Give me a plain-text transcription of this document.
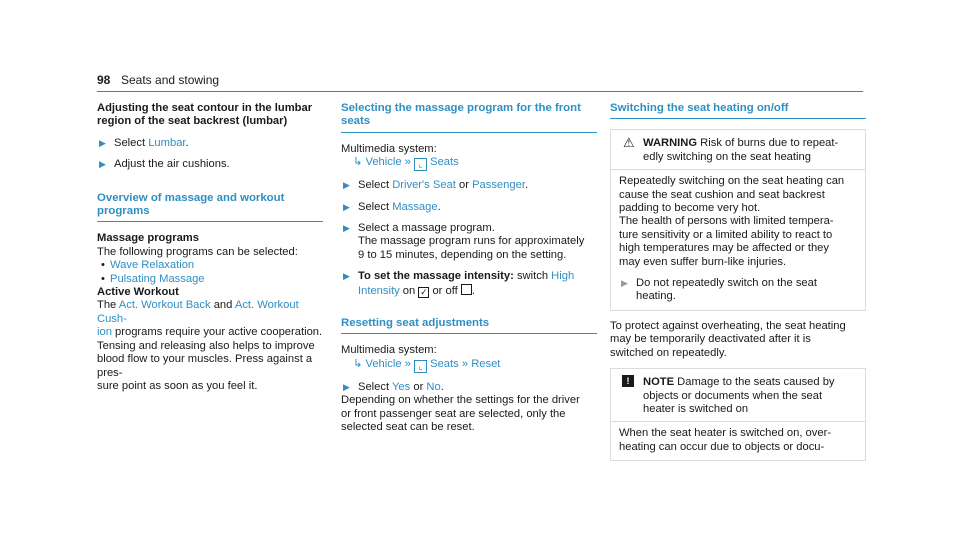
98 Seats and stowing

Adjusting the seat contour in the lumbar
region of the seat backrest (lumbar)

▶ Select Lumbar.

▶ Adjust the air cushions.

Overview of massage and workout programs

Massage programs

The following programs can be selected:

• Wave Relaxation

• Pulsating Massage

Active Workout

The Act. Workout Back and Act. Workout Cush-
ion programs require your active cooperation.
Tensing and releasing also helps to improve
blood flow to your muscles. Press against a pres-
sure point as soon as you feel it.

Selecting the massage program for the front
seats

Multimedia system:

↳ Vehicle » ⌞ Seats

▶ Select Driver's Seat or Passenger.

▶ Select Massage.

▶ Select a massage program.
The massage program runs for approximately
9 to 15 minutes, depending on the setting.

▶ To set the massage intensity: switch High
Intensity on ✓ or off .

Resetting seat adjustments

Multimedia system:

↳ Vehicle » ⌞ Seats » Reset

▶ Select Yes or No.

Depending on whether the settings for the driver
or front passenger seat are selected, only the
selected seat can be reset.

Switching the seat heating on/off

⚠ WARNING Risk of burns due to repeat-
edly switching on the seat heating

Repeatedly switching on the seat heating can
cause the seat cushion and seat backrest
padding to become very hot.

The health of persons with limited tempera-
ture sensitivity or a limited ability to react to
high temperatures may be affected or they
may even suffer burn-like injuries.

▶ Do not repeatedly switch on the seat
heating.

To protect against overheating, the seat heating
may be temporarily deactivated after it is
switched on repeatedly.

!	NOTE Damage to the seats caused by
objects or documents when the seat
heater is switched on

When the seat heater is switched on, over-
heating can occur due to objects or docu-
